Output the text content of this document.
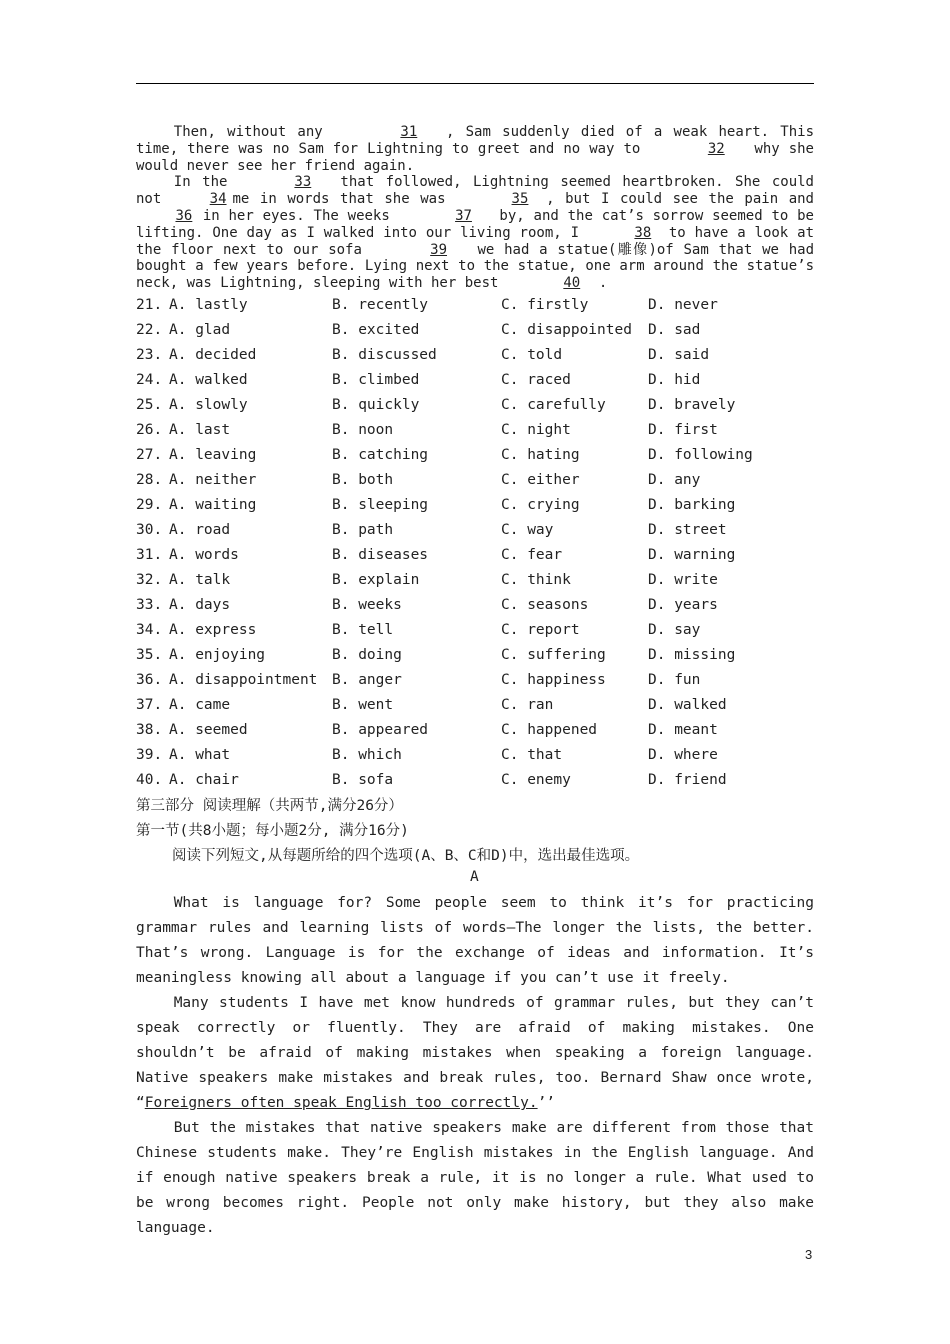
Then, without any	31 , Sam suddenly died of a weak heart. This time, there was no Sam for Lightning to greet and no way to	32 why she would never see her friend again.

In the	33 that followed, Lightning seemed heartbroken. She could not	34 me in words that she was	35 , but I could see the pain and 36 in her eyes. The weeks	37 by, and the cat’s sorrow seemed to be lifting. One day as I walked into our living room, I	38 to have a look at the floor next to our sofa	39 we had a statue(雕像)of Sam that we had bought a few years before. Lying next to the statue, one arm around the statue’s neck, was Lightning, sleeping with her best	40 .

21. A. lastly	B. recently	C. firstly	D. never
22. A. glad	B. excited	C. disappointed D. sad
23. A. decided	B. discussed	C. told	D. said
24. A. walked	B. climbed	C. raced	D. hid
25. A. slowly	B. quickly	C. carefully	D. bravely
26. A. last	B. noon	C. night	D. first
27. A. leaving	B. catching	C. hating	D. following
28. A. neither	B. both	C. either	D. any
29. A. waiting	B. sleeping	C. crying	D. barking
30. A. road	B. path	C. way	D. street
31. A. words	B. diseases	C. fear	D. warning
32. A. talk	B. explain	C. think	D. write
33. A. days	B. weeks	C. seasons	D. years
34. A. express	B. tell	C. report	D. say
35. A. enjoying	B. doing	C. suffering	D. missing
36. A. disappointment B. anger	C. happiness	D. fun
37. A. came	B. went	C. ran	D. walked
38. A. seemed	B. appeared	C. happened	D. meant
39. A. what	B. which	C. that	D. where
40. A. chair	B. sofa	C. enemy	D. friend
第三部分 阅读理解（共两节,满分26分）
第一节(共8小题；每小题2分, 满分16分)
阅读下列短文,从每题所给的四个选项(A、B、C和D)中，选出最佳选项。
A

What is language for? Some people seem to think it’s for practicing grammar rules and learning lists of words—The longer the lists, the better. That’s wrong. Language is for the exchange of ideas and information. It’s meaningless knowing all about a language if you can’t use it freely.

Many students I have met know hundreds of grammar rules, but they can’t speak correctly or fluently. They are afraid of making mistakes. One shouldn’t be afraid of making mistakes when speaking a foreign language. Native speakers make mistakes and break rules, too. Bernard Shaw once wrote, “Foreigners often speak English too correctly.’’

But the mistakes that native speakers make are different from those that Chinese students make. They’re English mistakes in the English language. And if enough native speakers break a rule, it is no longer a rule. What used to be wrong becomes right. People not only make history, but they also make language.

3
